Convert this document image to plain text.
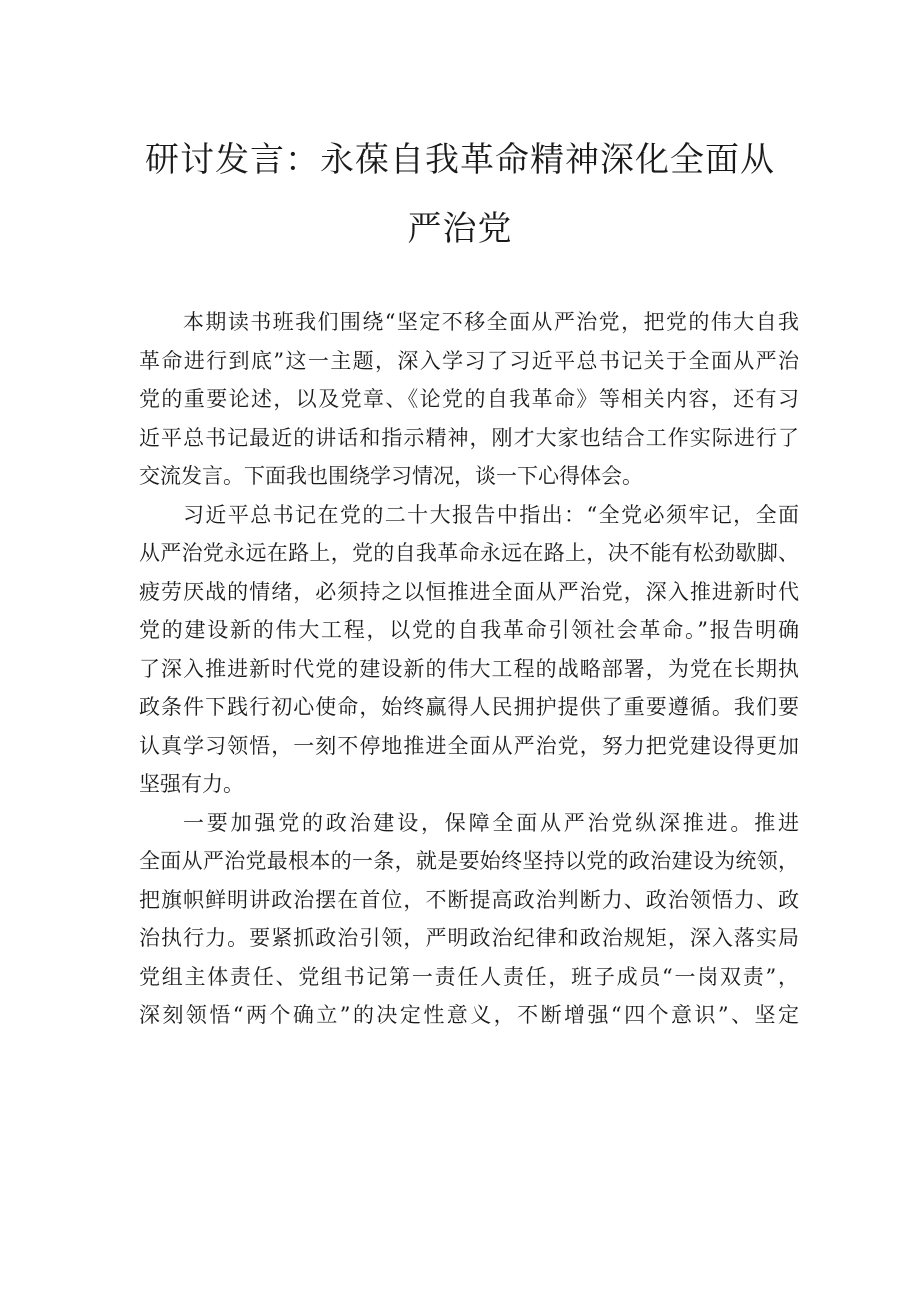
研讨发言：永葆自我革命精神深化全面从
严治党
本期读书班我们围绕“坚定不移全面从严治党，把党的伟大自我
革命进行到底”这一主题，深入学习了习近平总书记关于全面从严治
党的重要论述，以及党章、《论党的自我革命》等相关内容，还有习
近平总书记最近的讲话和指示精神，刚才大家也结合工作实际进行了
交流发言。下面我也围绕学习情况，谈一下心得体会。
习近平总书记在党的二十大报告中指出：“全党必须牢记，全面
从严治党永远在路上，党的自我革命永远在路上，决不能有松劲歇脚、
疲劳厌战的情绪，必须持之以恒推进全面从严治党，深入推进新时代
党的建设新的伟大工程，以党的自我革命引领社会革命。”报告明确
了深入推进新时代党的建设新的伟大工程的战略部署，为党在长期执
政条件下践行初心使命，始终赢得人民拥护提供了重要遵循。我们要
认真学习领悟，一刻不停地推进全面从严治党，努力把党建设得更加
坚强有力。
一要加强党的政治建设，保障全面从严治党纵深推进。推进
全面从严治党最根本的一条，就是要始终坚持以党的政治建设为统领，
把旗帜鲜明讲政治摆在首位，不断提高政治判断力、政治领悟力、政
治执行力。要紧抓政治引领，严明政治纪律和政治规矩，深入落实局
党组主体责任、党组书记第一责任人责任，班子成员“一岗双责”，
深刻领悟“两个确立”的决定性意义，不断增强“四个意识”、坚定
